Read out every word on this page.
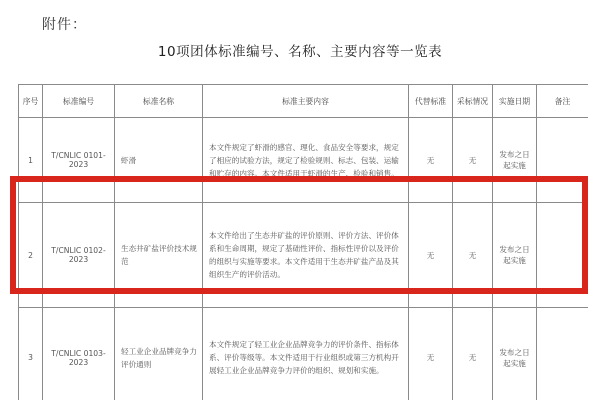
附件：
10项团体标准编号、名称、主要内容等一览表
序号	标准编号	标准名称	标准主要内容	代替标准	采标情况	实施日期	备注
1	T/CNLIC 0101-2023	虾滑	本文件规定了虾滑的感官、理化、食品安全等要求，规定了相应的试验方法，规定了检验规则、标志、包装、运输和贮存的内容。本文件适用于虾滑的生产、检验和销售。	无	无	发布之日起实施	
2	T/CNLIC 0102-2023	生态井矿盐评价技术规范	本文件给出了生态井矿盐的评价原则、评价方法、评价体系和生命周期，规定了基础性评价、指标性评价以及评价的组织与实施等要求。本文件适用于生态井矿盐产品及其组织生产的评价活动。	无	无	发布之日起实施	
3	T/CNLIC 0103-2023	轻工业企业品牌竞争力评价通则	本文件规定了轻工业企业品牌竞争力的评价条件、指标体系、评价等级等。本文件适用于行业组织或第三方机构开展轻工业企业品牌竞争力评价的组织、规划和实施。	无	无	发布之日起实施	
